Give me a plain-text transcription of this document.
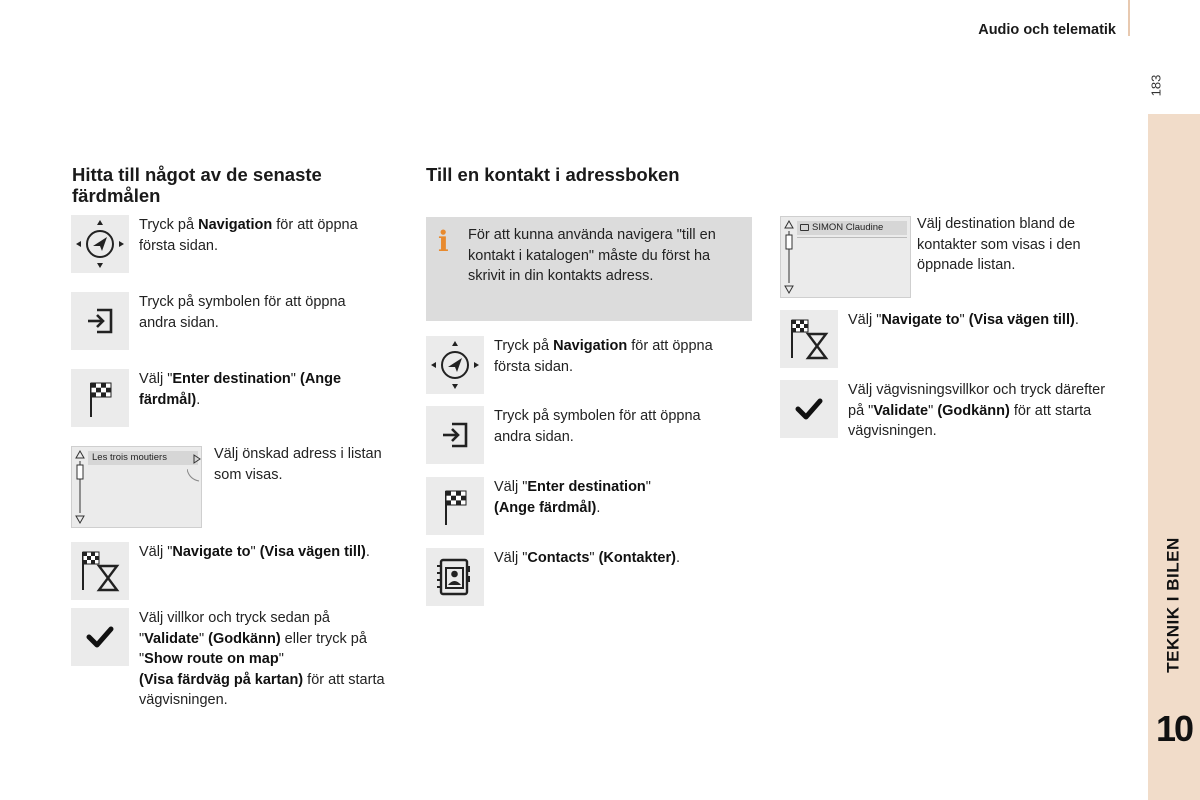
Audio och telematik
183
TEKNIK I BILEN
10
Hitta till något av de senaste färdmålen
Tryck på Navigation för att öppna första sidan.
Tryck på symbolen för att öppna andra sidan.
Välj "Enter destination" (Ange färdmål).
Les trois moutiers	Välj önskad adress i listan som visas.
Välj "Navigate to" (Visa vägen till).
Välj villkor och tryck sedan på "Validate" (Godkänn) eller tryck på "Show route on map"
(Visa färdväg på kartan) för att starta vägvisningen.
Till en kontakt i adressboken
i För att kunna använda navigera "till en kontakt i katalogen" måste du först ha skrivit in din kontakts adress.
Tryck på Navigation för att öppna första sidan.
Tryck på symbolen för att öppna andra sidan.
Välj "Enter destination"
(Ange färdmål).
Välj "Contacts" (Kontakter).
SIMON Claudine	Välj destination bland de kontakter som visas i den öppnade listan.
Välj "Navigate to" (Visa vägen till).
Välj vägvisningsvillkor och tryck därefter på "Validate" (Godkänn) för att starta vägvisningen.
